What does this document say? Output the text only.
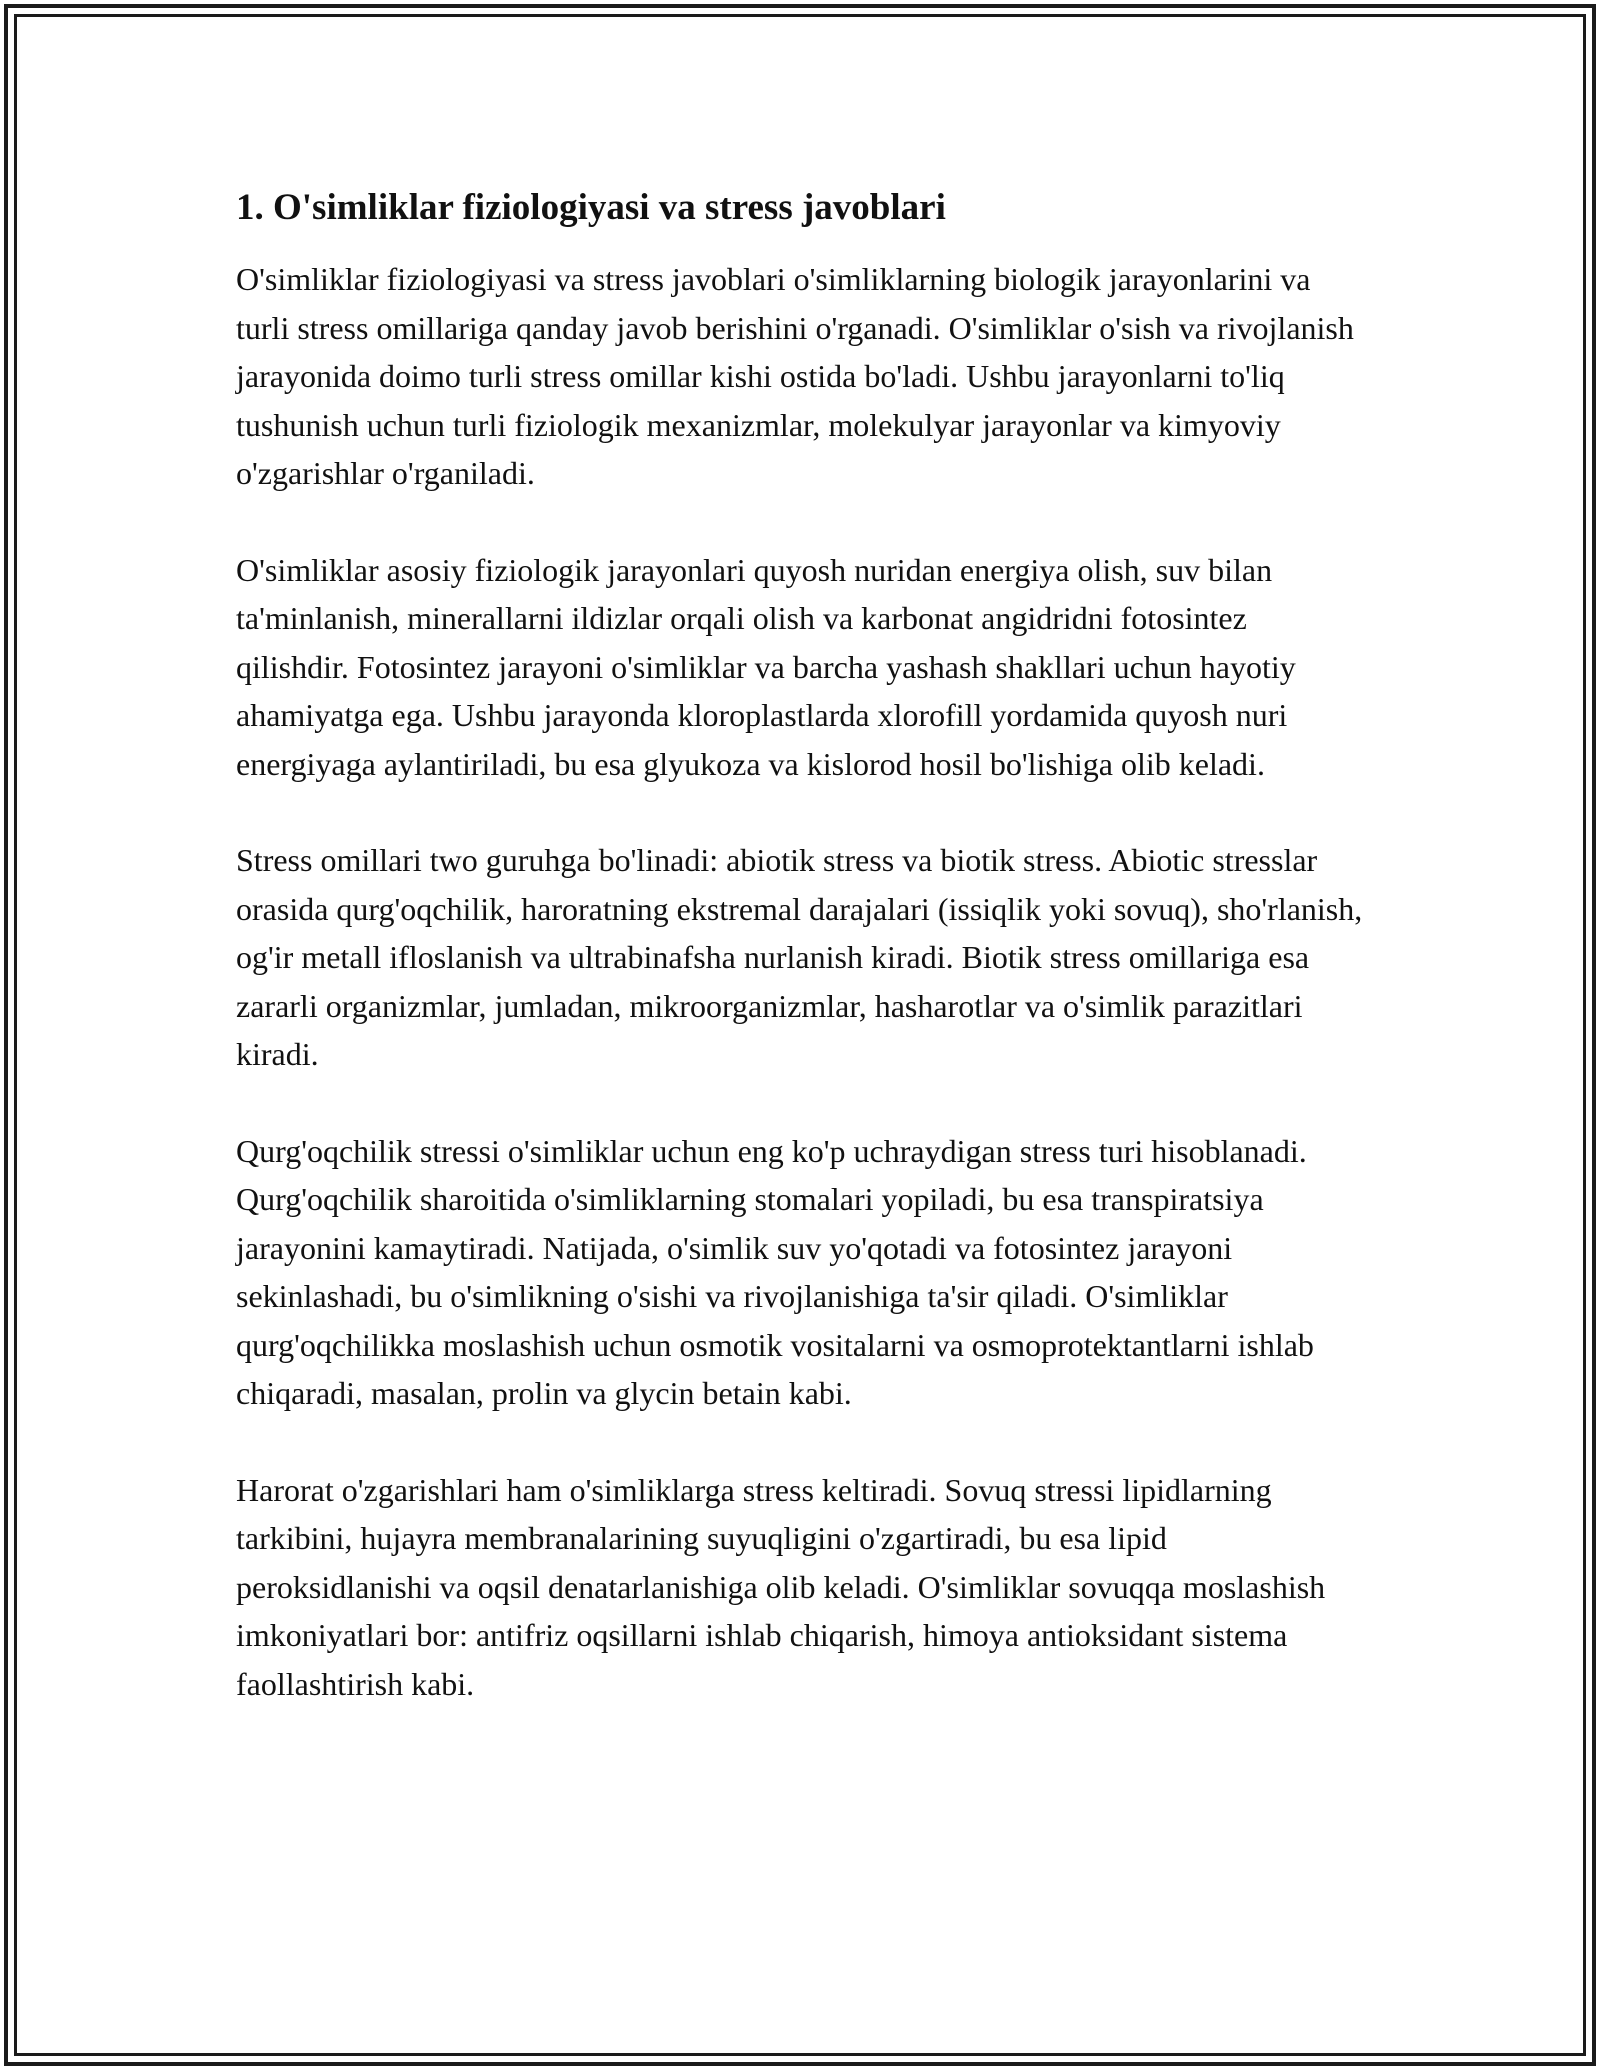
1. O'simliklar fiziologiyasi va stress javoblari

O'simliklar fiziologiyasi va stress javoblari o'simliklarning biologik jarayonlarini va turli stress omillariga qanday javob berishini o'rganadi. O'simliklar o'sish va rivojlanish jarayonida doimo turli stress omillar kishi ostida bo'ladi. Ushbu jarayonlarni to'liq tushunish uchun turli fiziologik mexanizmlar, molekulyar jarayonlar va kimyoviy o'zgarishlar o'rganiladi.

O'simliklar asosiy fiziologik jarayonlari quyosh nuridan energiya olish, suv bilan ta'minlanish, minerallarni ildizlar orqali olish va karbonat angidridni fotosintez qilishdir. Fotosintez jarayoni o'simliklar va barcha yashash shakllari uchun hayotiy ahamiyatga ega. Ushbu jarayonda kloroplastlarda xlorofill yordamida quyosh nuri energiyaga aylantiriladi, bu esa glyukoza va kislorod hosil bo'lishiga olib keladi.

Stress omillari two guruhga bo'linadi: abiotik stress va biotik stress. Abiotic stresslar orasida qurg'oqchilik, haroratning ekstremal darajalari (issiqlik yoki sovuq), sho'rlanish, og'ir metall ifloslanish va ultrabinafsha nurlanish kiradi. Biotik stress omillariga esa zararli organizmlar, jumladan, mikroorganizmlar, hasharotlar va o'simlik parazitlari kiradi.

Qurg'oqchilik stressi o'simliklar uchun eng ko'p uchraydigan stress turi hisoblanadi. Qurg'oqchilik sharoitida o'simliklarning stomalari yopiladi, bu esa transpiratsiya jarayonini kamaytiradi. Natijada, o'simlik suv yo'qotadi va fotosintez jarayoni sekinlashadi, bu o'simlikning o'sishi va rivojlanishiga ta'sir qiladi. O'simliklar qurg'oqchilikka moslashish uchun osmotik vositalarni va osmoprotektantlarni ishlab chiqaradi, masalan, prolin va glycin betain kabi.

Harorat o'zgarishlari ham o'simliklarga stress keltiradi. Sovuq stressi lipidlarning tarkibini, hujayra membranalarining suyuqligini o'zgartiradi, bu esa lipid peroksidlanishi va oqsil denatarlanishiga olib keladi. O'simliklar sovuqqa moslashish imkoniyatlari bor: antifriz oqsillarni ishlab chiqarish, himoya antioksidant sistema faollashtirish kabi.
